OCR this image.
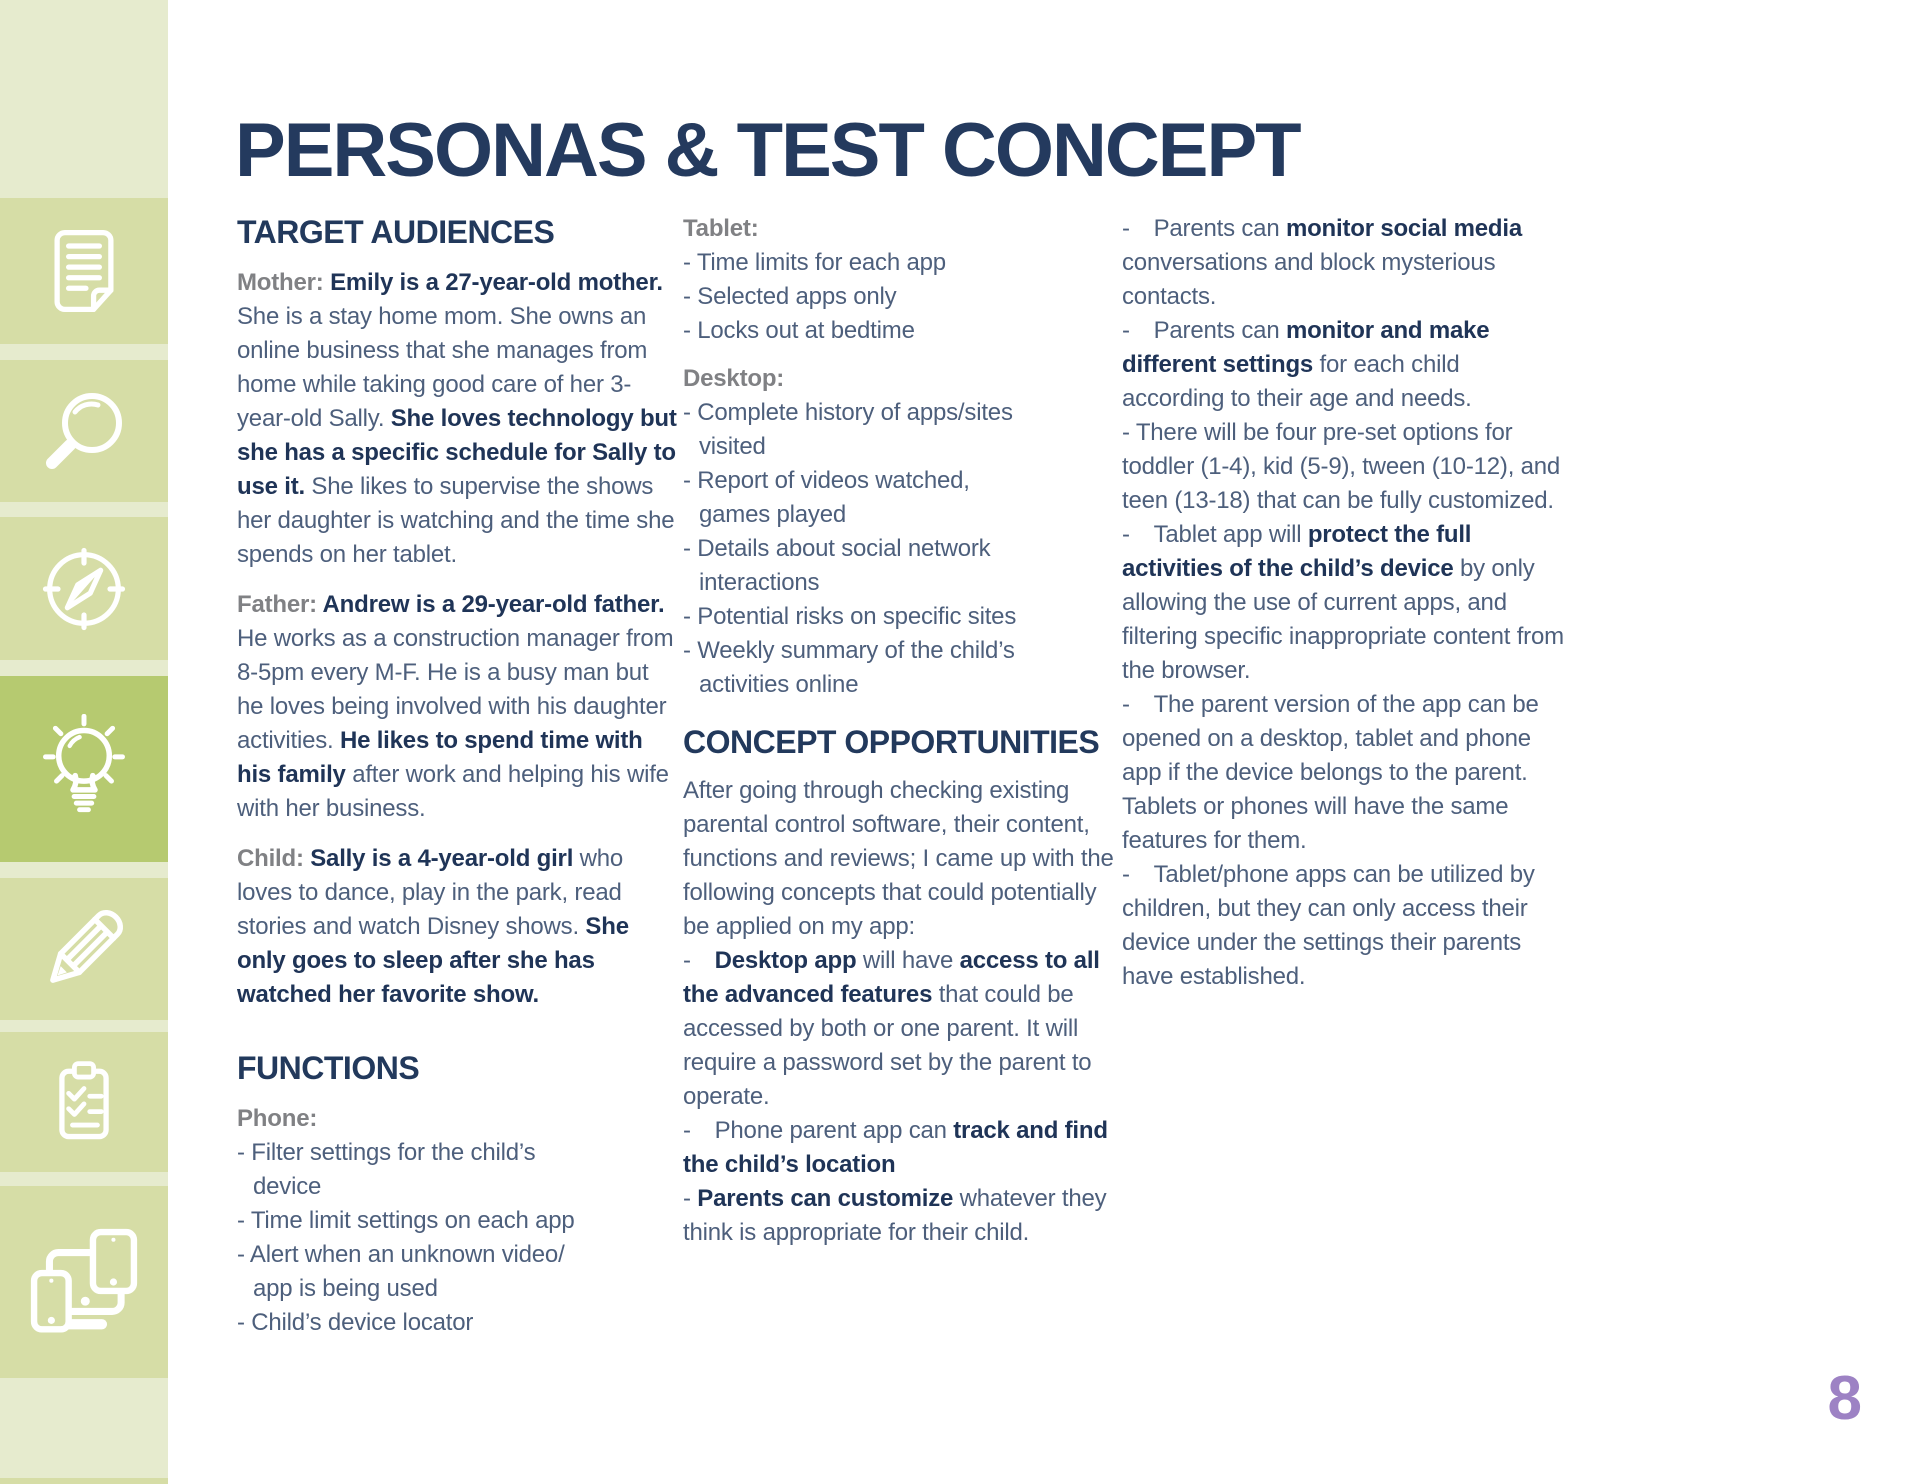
PERSONAS & TEST CONCEPT
TARGET AUDIENCES
Mother: Emily is a 27-year-old mother. She is a stay home mom. She owns an online business that she manages from home while taking good care of her 3-year-old Sally. She loves technology but she has a specific schedule for Sally to use it. She likes to supervise the shows her daughter is watching and the time she spends on her tablet.
Father: Andrew is a 29-year-old father. He works as a construction manager from 8-5pm every M-F. He is a busy man but he loves being involved with his daughter activities. He likes to spend time with his family after work and helping his wife with her business.
Child: Sally is a 4-year-old girl who loves to dance, play in the park, read stories and watch Disney shows. She only goes to sleep after she has watched her favorite show.
FUNCTIONS
Phone:
- Filter settings for the child’s
device
- Time limit settings on each app
- Alert when an unknown video/
app is being used
- Child’s device locator
Tablet:
- Time limits for each app
- Selected apps only
- Locks out at bedtime
Desktop:
- Complete history of apps/sites
visited
- Report of videos watched,
games played
- Details about social network
interactions
- Potential risks on specific sites
- Weekly summary of the child’s
activities online
CONCEPT OPPORTUNITIES
After going through checking existing parental control software, their content, functions and reviews; I came up with the following concepts that could potentially be applied on my app:
- Desktop app will have access to all the advanced features that could be accessed by both or one parent. It will require a password set by the parent to operate.
- Phone parent app can track and find the child’s location
- Parents can customize whatever they think is appropriate for their child.
- Parents can monitor social media conversations and block mysterious contacts.
- Parents can monitor and make different settings for each child according to their age and needs.
- There will be four pre-set options for toddler (1-4), kid (5-9), tween (10-12), and teen (13-18) that can be fully customized.
- Tablet app will protect the full activities of the child’s device by only allowing the use of current apps, and filtering specific inappropriate content from the browser.
- The parent version of the app can be opened on a desktop, tablet and phone app if the device belongs to the parent. Tablets or phones will have the same features for them.
- Tablet/phone apps can be utilized by children, but they can only access their device under the settings their parents have established.
8
